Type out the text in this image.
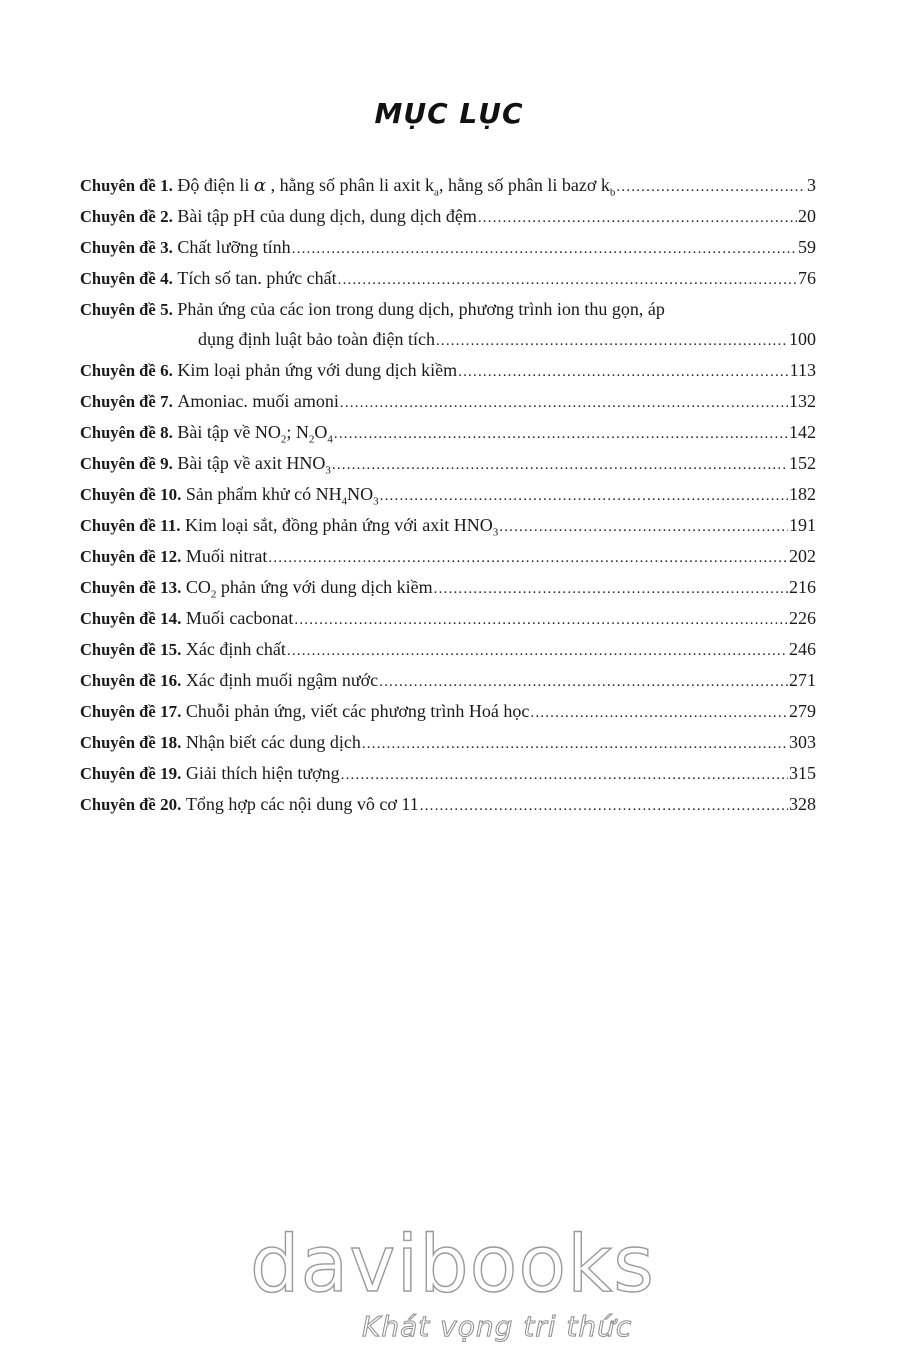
MỤC LỤC
Chuyên đề
1.
Độ điện li α , hằng số phân li axit $k_a$, hằng số phân li bazơ $k_b$ .....	3
Chuyên đề
2.
Bài tập pH của dung dịch, dung dịch đệm .....	20
Chuyên đề
3.
Chất lưỡng tính .....	59
Chuyên đề
4.
Tích số tan. phức chất .....	76
Chuyên đề
5.
Phản ứng của các ion trong dung dịch, phương trình ion thu gọn, áp
dụng định luật bảo toàn điện tích .....	100
Chuyên đề
6.
Kim loại phản ứng với dung dịch kiềm .....	113
Chuyên đề
7.
Amoniac. muối amoni .....	132
Chuyên đề
8.
Bài tập về $NO_2$; $N_2O_4$ .....	142
Chuyên đề
9.
Bài tập về axit $HNO_3$ .....	152
Chuyên đề
10.
Sản phẩm khử có $NH_4NO_3$ .....	182
Chuyên đề
11.
Kim loại sắt, đồng phản ứng với axit $HNO_3$ .....	191
Chuyên đề
12.
Muối nitrat .....	202
Chuyên đề
13.
$CO_2$ phản ứng với dung dịch kiềm .....	216
Chuyên đề
14.
Muối cacbonat .....	226
Chuyên đề
15.
Xác định chất .....	246
Chuyên đề
16.
Xác định muối ngậm nước .....	271
Chuyên đề
17.
Chuỗi phản ứng, viết các phương trình Hoá học .....	279
Chuyên đề
18.
Nhận biết các dung dịch .....	303
Chuyên đề
19.
Giải thích hiện tượng .....	315
Chuyên đề
20.
Tổng hợp các nội dung vô cơ 11 .....	328
davibooks
Khát vọng tri thức
